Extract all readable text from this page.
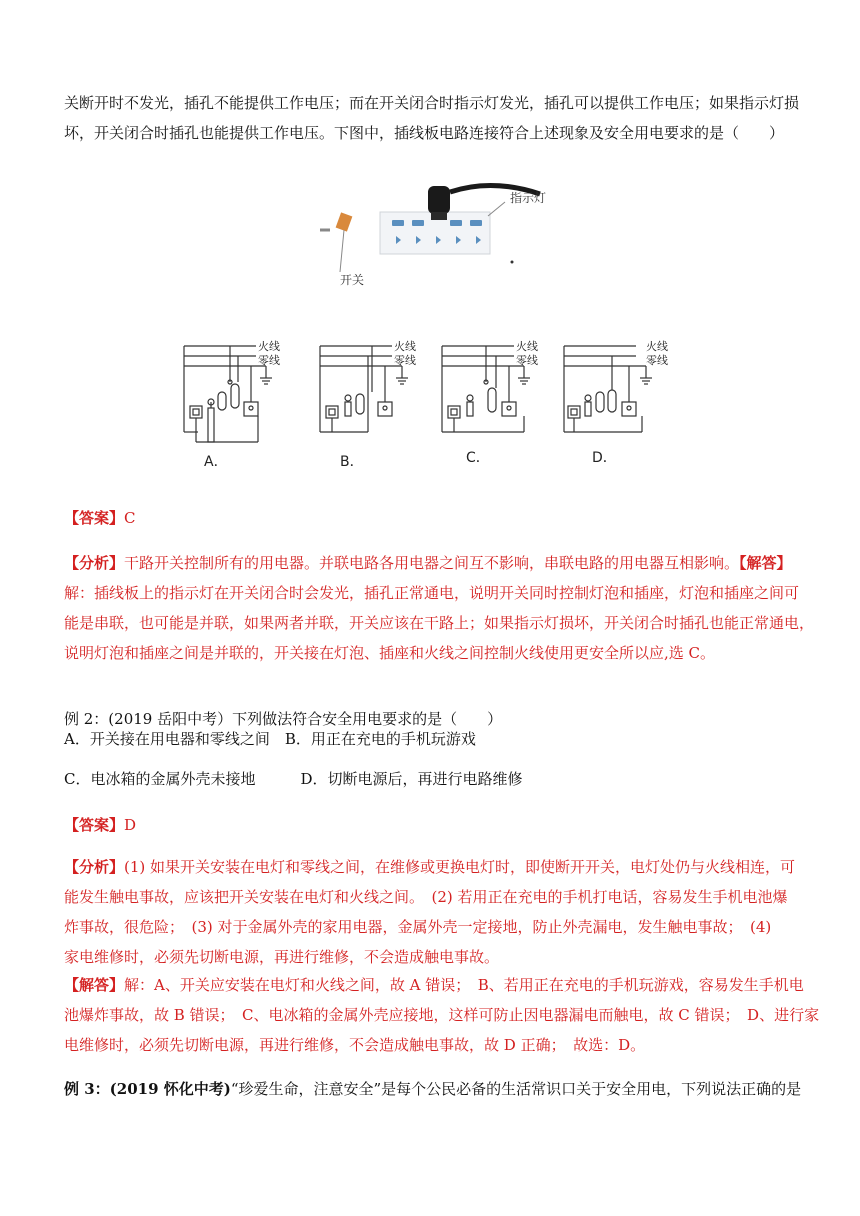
关断开时不发光，插孔不能提供工作电压；而在开关闭合时指示灯发光，插孔可以提供工作电压；如果指示灯损
坏，开关闭合时插孔也能提供工作电压。下图中，插线板电路连接符合上述现象及安全用电要求的是（　　）
指示灯
开关
火线
零线
火线
零线
火线
零线
火线
零线
A．	B．	C．	D．
【答案】C
【分析】干路开关控制所有的用电器。并联电路各用电器之间互不影响，串联电路的用电器互相影响。【解答】
解：插线板上的指示灯在开关闭合时会发光，插孔正常通电，说明开关同时控制灯泡和插座，灯泡和插座之间可
能是串联，也可能是并联，如果两者并联，开关应该在干路上；如果指示灯损坏，开关闭合时插孔也能正常通电，
说明灯泡和插座之间是并联的，开关接在灯泡、插座和火线之间控制火线使用更安全所以应,选 C。
例 2：(2019 岳阳中考）下列做法符合安全用电要求的是（　　）
A．开关接在用电器和零线之间　B．用正在充电的手机玩游戏
C．电冰箱的金属外壳未接地　　　D．切断电源后，再进行电路维修
【答案】D
【分析】(1) 如果开关安装在电灯和零线之间，在维修或更换电灯时，即使断开开关，电灯处仍与火线相连，可
能发生触电事故，应该把开关安装在电灯和火线之间。　(2) 若用正在充电的手机打电话，容易发生手机电池爆
炸事故，很危险；　(3) 对于金属外壳的家用电器，金属外壳一定接地，防止外壳漏电，发生触电事故；　(4)
家电维修时，必须先切断电源，再进行维修，不会造成触电事故。
【解答】解：A、开关应安装在电灯和火线之间，故 A 错误；　B、若用正在充电的手机玩游戏，容易发生手机电
池爆炸事故，故 B 错误；　C、电冰箱的金属外壳应接地，这样可防止因电器漏电而触电，故 C 错误；　D、进行家
电维修时，必须先切断电源，再进行维修，不会造成触电事故，故 D 正确；　故选：D。
例 3：(2019 怀化中考)“珍爱生命，注意安全”是每个公民必备的生活常识口关于安全用电，下列说法正确的是
